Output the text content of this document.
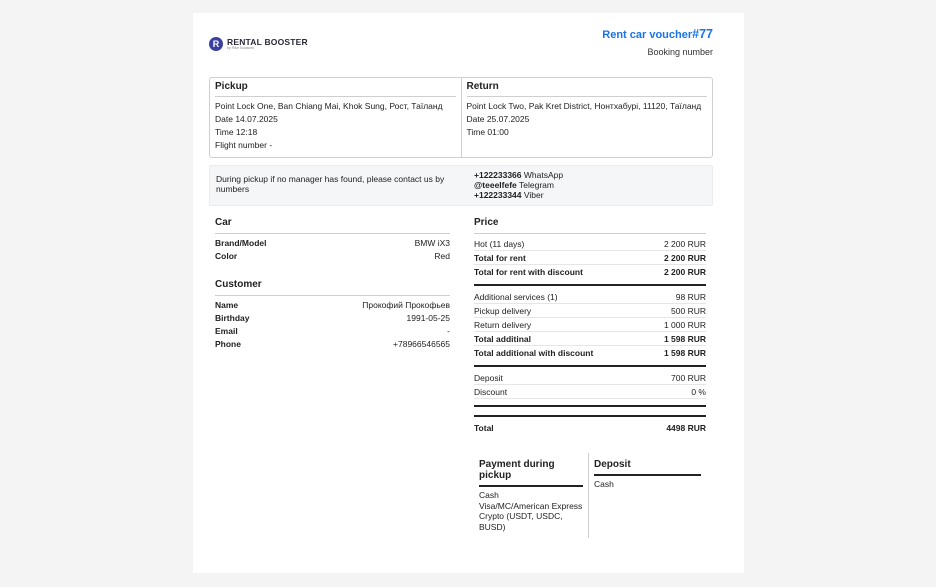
R RENTAL BOOSTER
by Rike Solutions
Rent car voucher#77
Booking number
Pickup
Point Lock One, Ban Chiang Mai, Khok Sung, Рост, Таїланд
Date 14.07.2025
Time 12:18
Flight number -
Return
Point Lock Two, Pak Kret District, Нонтхабурі, 11120, Таїланд
Date 25.07.2025
Time 01:00
During pickup if no manager has found, please contact us by numbers
+122233366 WhatsApp
@teeelfefe Telegram
+122233344 Viber
Car
Brand/Model	BMW iX3
Color	Red
Customer
Name	Прокофий Прокофьев
Birthday	1991-05-25
Email	-
Phone	+78966546565
Price
Hot (11 days)	2 200 RUR
Total for rent	2 200 RUR
Total for rent with discount	2 200 RUR
Additional services (1)	98 RUR
Pickup delivery	500 RUR
Return delivery	1 000 RUR
Total additinal	1 598 RUR
Total additional with discount	1 598 RUR
Deposit	700 RUR
Discount	0 %
Total	4498 RUR
Payment during pickup
Cash
Visa/MC/American Express
Crypto (USDT, USDC,
BUSD)
Deposit
Cash
